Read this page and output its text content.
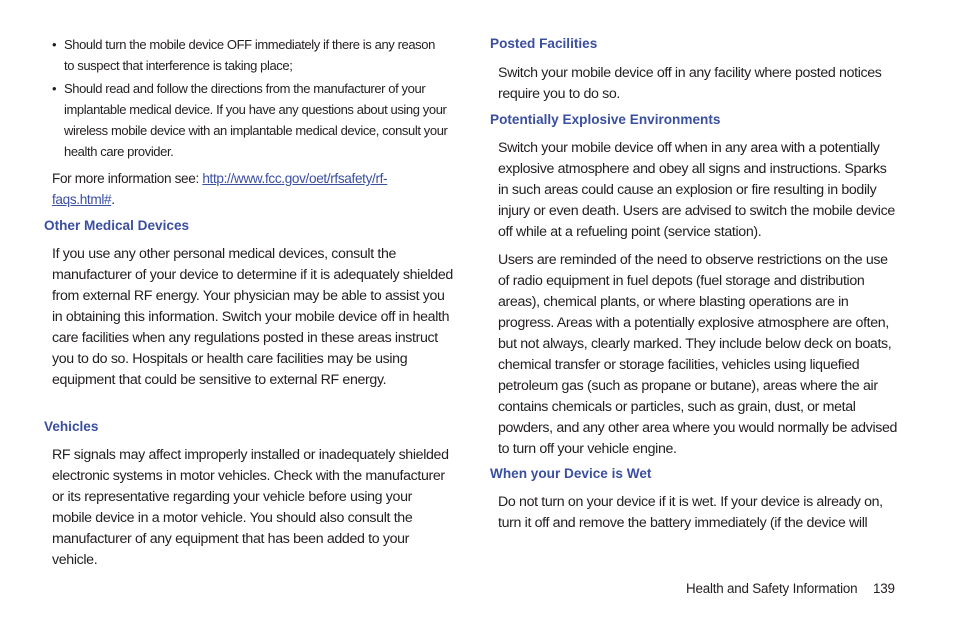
• Should turn the mobile device OFF immediately if there is any reason to suspect that interference is taking place;
• Should read and follow the directions from the manufacturer of your implantable medical device. If you have any questions about using your wireless mobile device with an implantable medical device, consult your health care provider.

For more information see: http://www.fcc.gov/oet/rfsafety/rf-faqs.html#.

Other Medical Devices

If you use any other personal medical devices, consult the manufacturer of your device to determine if it is adequately shielded from external RF energy. Your physician may be able to assist you in obtaining this information. Switch your mobile device off in health care facilities when any regulations posted in these areas instruct you to do so. Hospitals or health care facilities may be using equipment that could be sensitive to external RF energy.

Vehicles

RF signals may affect improperly installed or inadequately shielded electronic systems in motor vehicles. Check with the manufacturer or its representative regarding your vehicle before using your mobile device in a motor vehicle. You should also consult the manufacturer of any equipment that has been added to your vehicle.

Posted Facilities

Switch your mobile device off in any facility where posted notices require you to do so.

Potentially Explosive Environments

Switch your mobile device off when in any area with a potentially explosive atmosphere and obey all signs and instructions. Sparks in such areas could cause an explosion or fire resulting in bodily injury or even death. Users are advised to switch the mobile device off while at a refueling point (service station).

Users are reminded of the need to observe restrictions on the use of radio equipment in fuel depots (fuel storage and distribution areas), chemical plants, or where blasting operations are in progress. Areas with a potentially explosive atmosphere are often, but not always, clearly marked. They include below deck on boats, chemical transfer or storage facilities, vehicles using liquefied petroleum gas (such as propane or butane), areas where the air contains chemicals or particles, such as grain, dust, or metal powders, and any other area where you would normally be advised to turn off your vehicle engine.

When your Device is Wet

Do not turn on your device if it is wet. If your device is already on, turn it off and remove the battery immediately (if the device will

Health and Safety Information 139
